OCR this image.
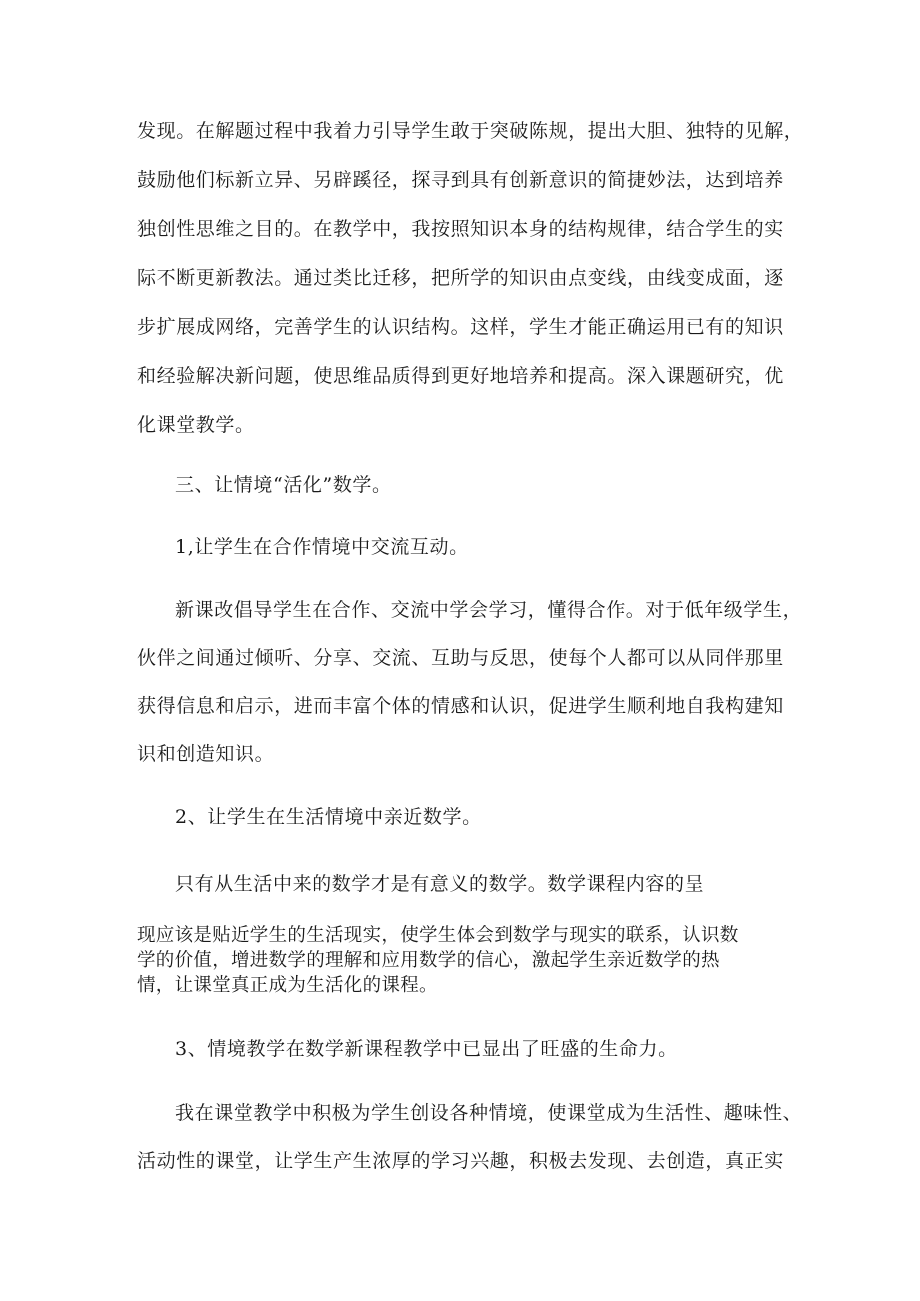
发现。在解题过程中我着力引导学生敢于突破陈规，提出大胆、独特的见解，
鼓励他们标新立异、另辟蹊径，探寻到具有创新意识的简捷妙法，达到培养
独创性思维之目的。在教学中，我按照知识本身的结构规律，结合学生的实
际不断更新教法。通过类比迁移，把所学的知识由点变线，由线变成面，逐
步扩展成网络，完善学生的认识结构。这样，学生才能正确运用已有的知识
和经验解决新问题，使思维品质得到更好地培养和提高。深入课题研究，优
化课堂教学。
三、让情境“活化”数学。
1,让学生在合作情境中交流互动。
新课改倡导学生在合作、交流中学会学习，懂得合作。对于低年级学生，
伙伴之间通过倾听、分享、交流、互助与反思，使每个人都可以从同伴那里
获得信息和启示，进而丰富个体的情感和认识，促进学生顺利地自我构建知
识和创造知识。
2、让学生在生活情境中亲近数学。
只有从生活中来的数学才是有意义的数学。数学课程内容的呈
现应该是贴近学生的生活现实，使学生体会到数学与现实的联系，认识数
学的价值，增进数学的理解和应用数学的信心，激起学生亲近数学的热
情，让课堂真正成为生活化的课程。
3、情境教学在数学新课程教学中已显出了旺盛的生命力。
我在课堂教学中积极为学生创设各种情境，使课堂成为生活性、趣味性、
活动性的课堂，让学生产生浓厚的学习兴趣，积极去发现、去创造，真正实
